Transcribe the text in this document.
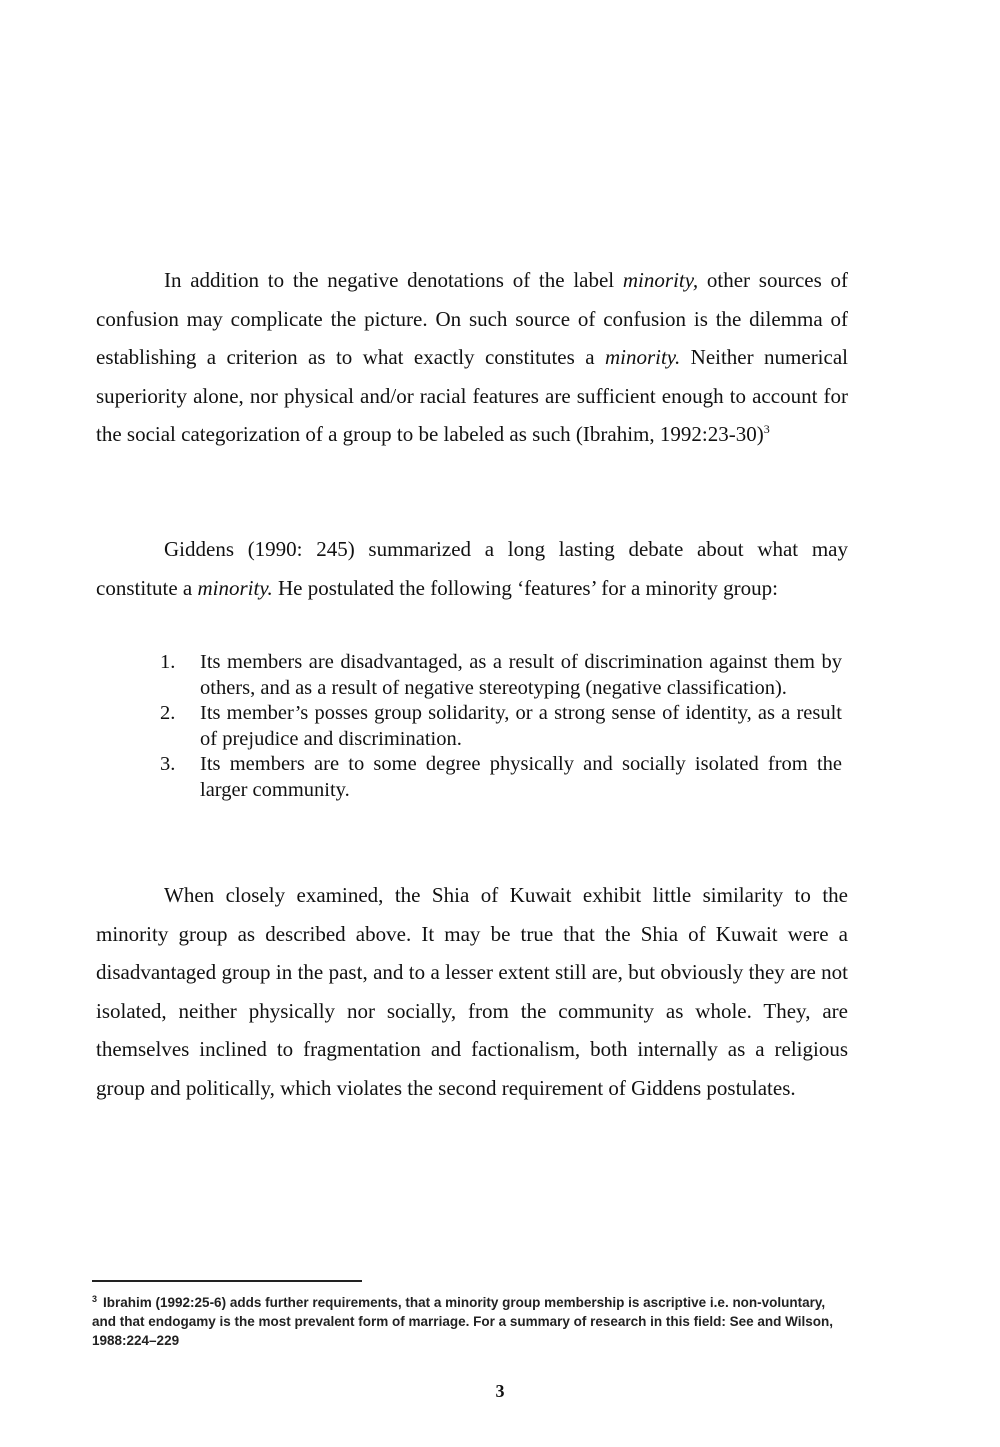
In addition to the negative denotations of the label minority, other sources of confusion may complicate the picture. On such source of confusion is the dilemma of establishing a criterion as to what exactly constitutes a minority. Neither numerical superiority alone, nor physical and/or racial features are sufficient enough to account for the social categorization of a group to be labeled as such (Ibrahim, 1992:23-30)$^3$

Giddens (1990: 245) summarized a long lasting debate about what may constitute a minority. He postulated the following ‘features’ for a minority group:

1. Its members are disadvantaged, as a result of discrimination against them by others, and as a result of negative stereotyping (negative classification).
2. Its member’s posses group solidarity, or a strong sense of identity, as a result of prejudice and discrimination.
3. Its members are to some degree physically and socially isolated from the larger community.

When closely examined, the Shia of Kuwait exhibit little similarity to the minority group as described above. It may be true that the Shia of Kuwait were a disadvantaged group in the past, and to a lesser extent still are, but obviously they are not isolated, neither physically nor socially, from the community as whole. They, are themselves inclined to fragmentation and factionalism, both internally as a religious group and politically, which violates the second requirement of Giddens postulates.

$^3$ Ibrahim (1992:25-6) adds further requirements, that a minority group membership is ascriptive i.e. non-voluntary, and that endogamy is the most prevalent form of marriage. For a summary of research in this field: See and Wilson, 1988:224–229

3
